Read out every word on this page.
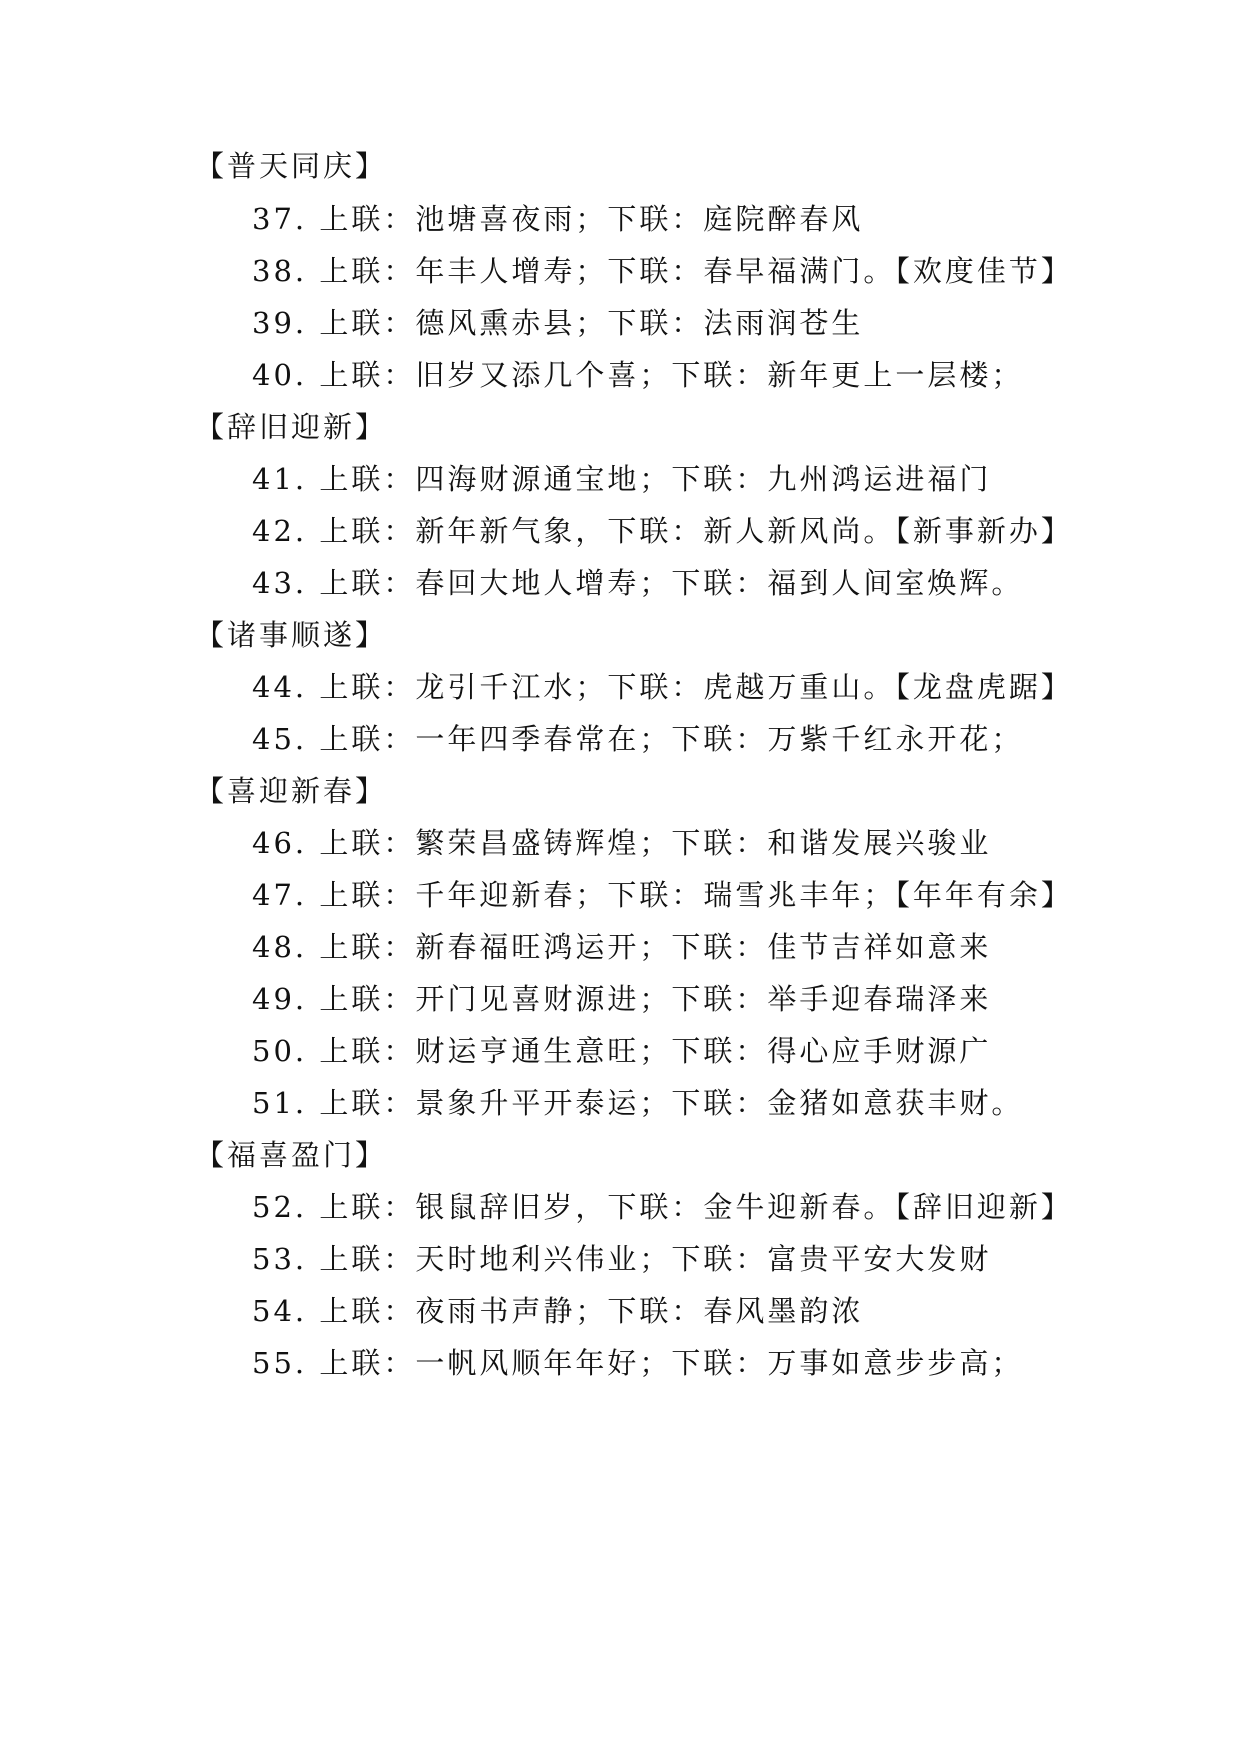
【普天同庆】
37. 上联：池塘喜夜雨；下联：庭院醉春风
38. 上联：年丰人增寿；下联：春早福满门。【欢度佳节】
39. 上联：德风熏赤县；下联：法雨润苍生
40. 上联：旧岁又添几个喜；下联：新年更上一层楼；
【辞旧迎新】
41. 上联：四海财源通宝地；下联：九州鸿运进福门
42. 上联：新年新气象，下联：新人新风尚。【新事新办】
43. 上联：春回大地人增寿；下联：福到人间室焕辉。
【诸事顺遂】
44. 上联：龙引千江水；下联：虎越万重山。【龙盘虎踞】
45. 上联：一年四季春常在；下联：万紫千红永开花；
【喜迎新春】
46. 上联：繁荣昌盛铸辉煌；下联：和谐发展兴骏业
47. 上联：千年迎新春；下联：瑞雪兆丰年；【年年有余】
48. 上联：新春福旺鸿运开；下联：佳节吉祥如意来
49. 上联：开门见喜财源进；下联：举手迎春瑞泽来
50. 上联：财运亨通生意旺；下联：得心应手财源广
51. 上联：景象升平开泰运；下联：金猪如意获丰财。
【福喜盈门】
52. 上联：银鼠辞旧岁，下联：金牛迎新春。【辞旧迎新】
53. 上联：天时地利兴伟业；下联：富贵平安大发财
54. 上联：夜雨书声静；下联：春风墨韵浓
55. 上联：一帆风顺年年好；下联：万事如意步步高；
